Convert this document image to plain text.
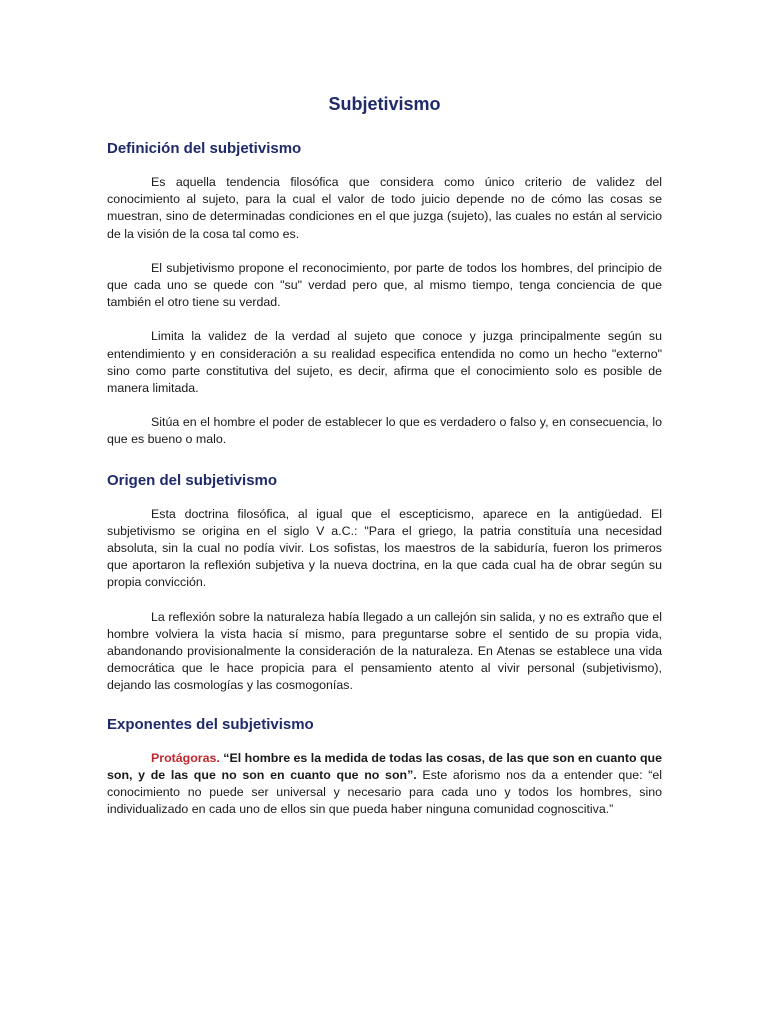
Subjetivismo
Definición del subjetivismo

Es aquella tendencia filosófica que considera como único criterio de validez del conocimiento al sujeto, para la cual el valor de todo juicio depende no de cómo las cosas se muestran, sino de determinadas condiciones en el que juzga (sujeto), las cuales no están al servicio de la visión de la cosa tal como es.

El subjetivismo propone el reconocimiento, por parte de todos los hombres, del principio de que cada uno se quede con "su" verdad pero que, al mismo tiempo, tenga conciencia de que también el otro tiene su verdad.

Limita la validez de la verdad al sujeto que conoce y juzga principalmente según su entendimiento y en consideración a su realidad especifica entendida no como un hecho "externo" sino como parte constitutiva del sujeto, es decir, afirma que el conocimiento solo es posible de manera limitada.

Sitúa en el hombre el poder de establecer lo que es verdadero o falso y, en consecuencia, lo que es bueno o malo.

Origen del subjetivismo

Esta doctrina filosófica, al igual que el escepticismo, aparece en la antigüedad. El subjetivismo se origina en el siglo V a.C.: "Para el griego, la patria constituía una necesidad absoluta, sin la cual no podía vivir. Los sofistas, los maestros de la sabiduría, fueron los primeros que aportaron la reflexión subjetiva y la nueva doctrina, en la que cada cual ha de obrar según su propia convicción.

La reflexión sobre la naturaleza había llegado a un callejón sin salida, y no es extraño que el hombre volviera la vista hacia sí mismo, para preguntarse sobre el sentido de su propia vida, abandonando provisionalmente la consideración de la naturaleza. En Atenas se establece una vida democrática que le hace propicia para el pensamiento atento al vivir personal (subjetivismo), dejando las cosmologías y las cosmogonías.

Exponentes del subjetivismo

Protágoras. “El hombre es la medida de todas las cosas, de las que son en cuanto que son, y de las que no son en cuanto que no son”. Este aforismo nos da a entender que: “el conocimiento no puede ser universal y necesario para cada uno y todos los hombres, sino individualizado en cada uno de ellos sin que pueda haber ninguna comunidad cognoscitiva.”
